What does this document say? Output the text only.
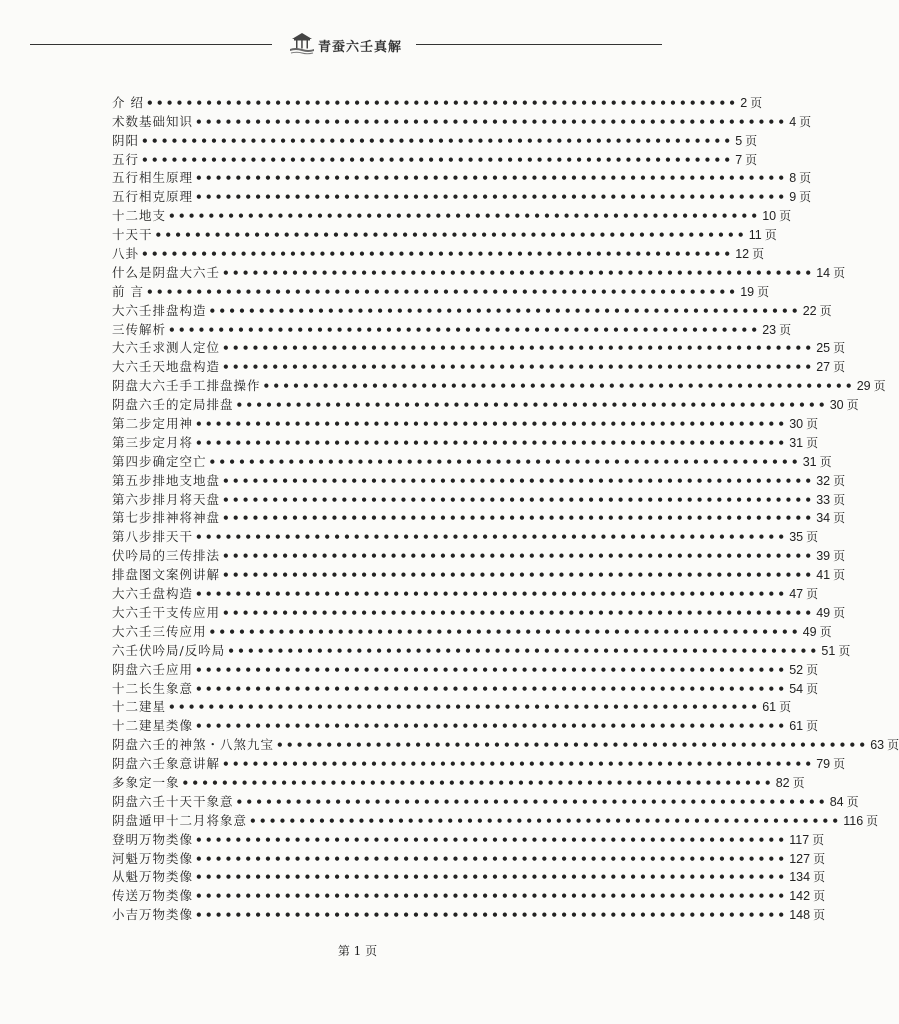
青蚕六壬真解
介 绍 •••••••••••••••••••••••••••••••••••••••••••••••••••••••••••• 2 页
术数基础知识 •••••••••••••••••••••••••••••••••••••••••••••••••••••••••••• 4 页
阴阳 •••••••••••••••••••••••••••••••••••••••••••••••••••••••••••• 5 页
五行 •••••••••••••••••••••••••••••••••••••••••••••••••••••••••••• 7 页
五行相生原理 •••••••••••••••••••••••••••••••••••••••••••••••••••••••••••• 8 页
五行相克原理 •••••••••••••••••••••••••••••••••••••••••••••••••••••••••••• 9 页
十二地支 •••••••••••••••••••••••••••••••••••••••••••••••••••••••••••• 10 页
十天干 •••••••••••••••••••••••••••••••••••••••••••••••••••••••••••• 11 页
八卦 •••••••••••••••••••••••••••••••••••••••••••••••••••••••••••• 12 页
什么是阴盘大六壬 •••••••••••••••••••••••••••••••••••••••••••••••••••••••••••• 14 页
前 言 •••••••••••••••••••••••••••••••••••••••••••••••••••••••••••• 19 页
大六壬排盘构造 •••••••••••••••••••••••••••••••••••••••••••••••••••••••••••• 22 页
三传解析 •••••••••••••••••••••••••••••••••••••••••••••••••••••••••••• 23 页
大六壬求测人定位 •••••••••••••••••••••••••••••••••••••••••••••••••••••••••••• 25 页
大六壬天地盘构造 •••••••••••••••••••••••••••••••••••••••••••••••••••••••••••• 27 页
阴盘大六壬手工排盘操作 •••••••••••••••••••••••••••••••••••••••••••••••••••••••••••• 29 页
阴盘六壬的定局排盘 •••••••••••••••••••••••••••••••••••••••••••••••••••••••••••• 30 页
第二步定用神 •••••••••••••••••••••••••••••••••••••••••••••••••••••••••••• 30 页
第三步定月将 •••••••••••••••••••••••••••••••••••••••••••••••••••••••••••• 31 页
第四步确定空亡 •••••••••••••••••••••••••••••••••••••••••••••••••••••••••••• 31 页
第五步排地支地盘 •••••••••••••••••••••••••••••••••••••••••••••••••••••••••••• 32 页
第六步排月将天盘 •••••••••••••••••••••••••••••••••••••••••••••••••••••••••••• 33 页
第七步排神将神盘 •••••••••••••••••••••••••••••••••••••••••••••••••••••••••••• 34 页
第八步排天干 •••••••••••••••••••••••••••••••••••••••••••••••••••••••••••• 35 页
伏吟局的三传排法 •••••••••••••••••••••••••••••••••••••••••••••••••••••••••••• 39 页
排盘图文案例讲解 •••••••••••••••••••••••••••••••••••••••••••••••••••••••••••• 41 页
大六壬盘构造 •••••••••••••••••••••••••••••••••••••••••••••••••••••••••••• 47 页
大六壬干支传应用 •••••••••••••••••••••••••••••••••••••••••••••••••••••••••••• 49 页
大六壬三传应用 •••••••••••••••••••••••••••••••••••••••••••••••••••••••••••• 49 页
六壬伏吟局/反吟局 •••••••••••••••••••••••••••••••••••••••••••••••••••••••••••• 51 页
阴盘六壬应用 •••••••••••••••••••••••••••••••••••••••••••••••••••••••••••• 52 页
十二长生象意 •••••••••••••••••••••••••••••••••••••••••••••••••••••••••••• 54 页
十二建星 •••••••••••••••••••••••••••••••••••••••••••••••••••••••••••• 61 页
十二建星类像 •••••••••••••••••••••••••••••••••••••••••••••••••••••••••••• 61 页
阴盘六壬的神煞・八煞九宝 •••••••••••••••••••••••••••••••••••••••••••••••••••••••••••• 63 页
阴盘六壬象意讲解 •••••••••••••••••••••••••••••••••••••••••••••••••••••••••••• 79 页
多象定一象 •••••••••••••••••••••••••••••••••••••••••••••••••••••••••••• 82 页
阴盘六壬十天干象意 •••••••••••••••••••••••••••••••••••••••••••••••••••••••••••• 84 页
阴盘遁甲十二月将象意 •••••••••••••••••••••••••••••••••••••••••••••••••••••••••••• 116 页
登明万物类像 •••••••••••••••••••••••••••••••••••••••••••••••••••••••••••• 117 页
河魁万物类像 •••••••••••••••••••••••••••••••••••••••••••••••••••••••••••• 127 页
从魁万物类像 •••••••••••••••••••••••••••••••••••••••••••••••••••••••••••• 134 页
传送万物类像 •••••••••••••••••••••••••••••••••••••••••••••••••••••••••••• 142 页
小吉万物类像 •••••••••••••••••••••••••••••••••••••••••••••••••••••••••••• 148 页
第 1 页
